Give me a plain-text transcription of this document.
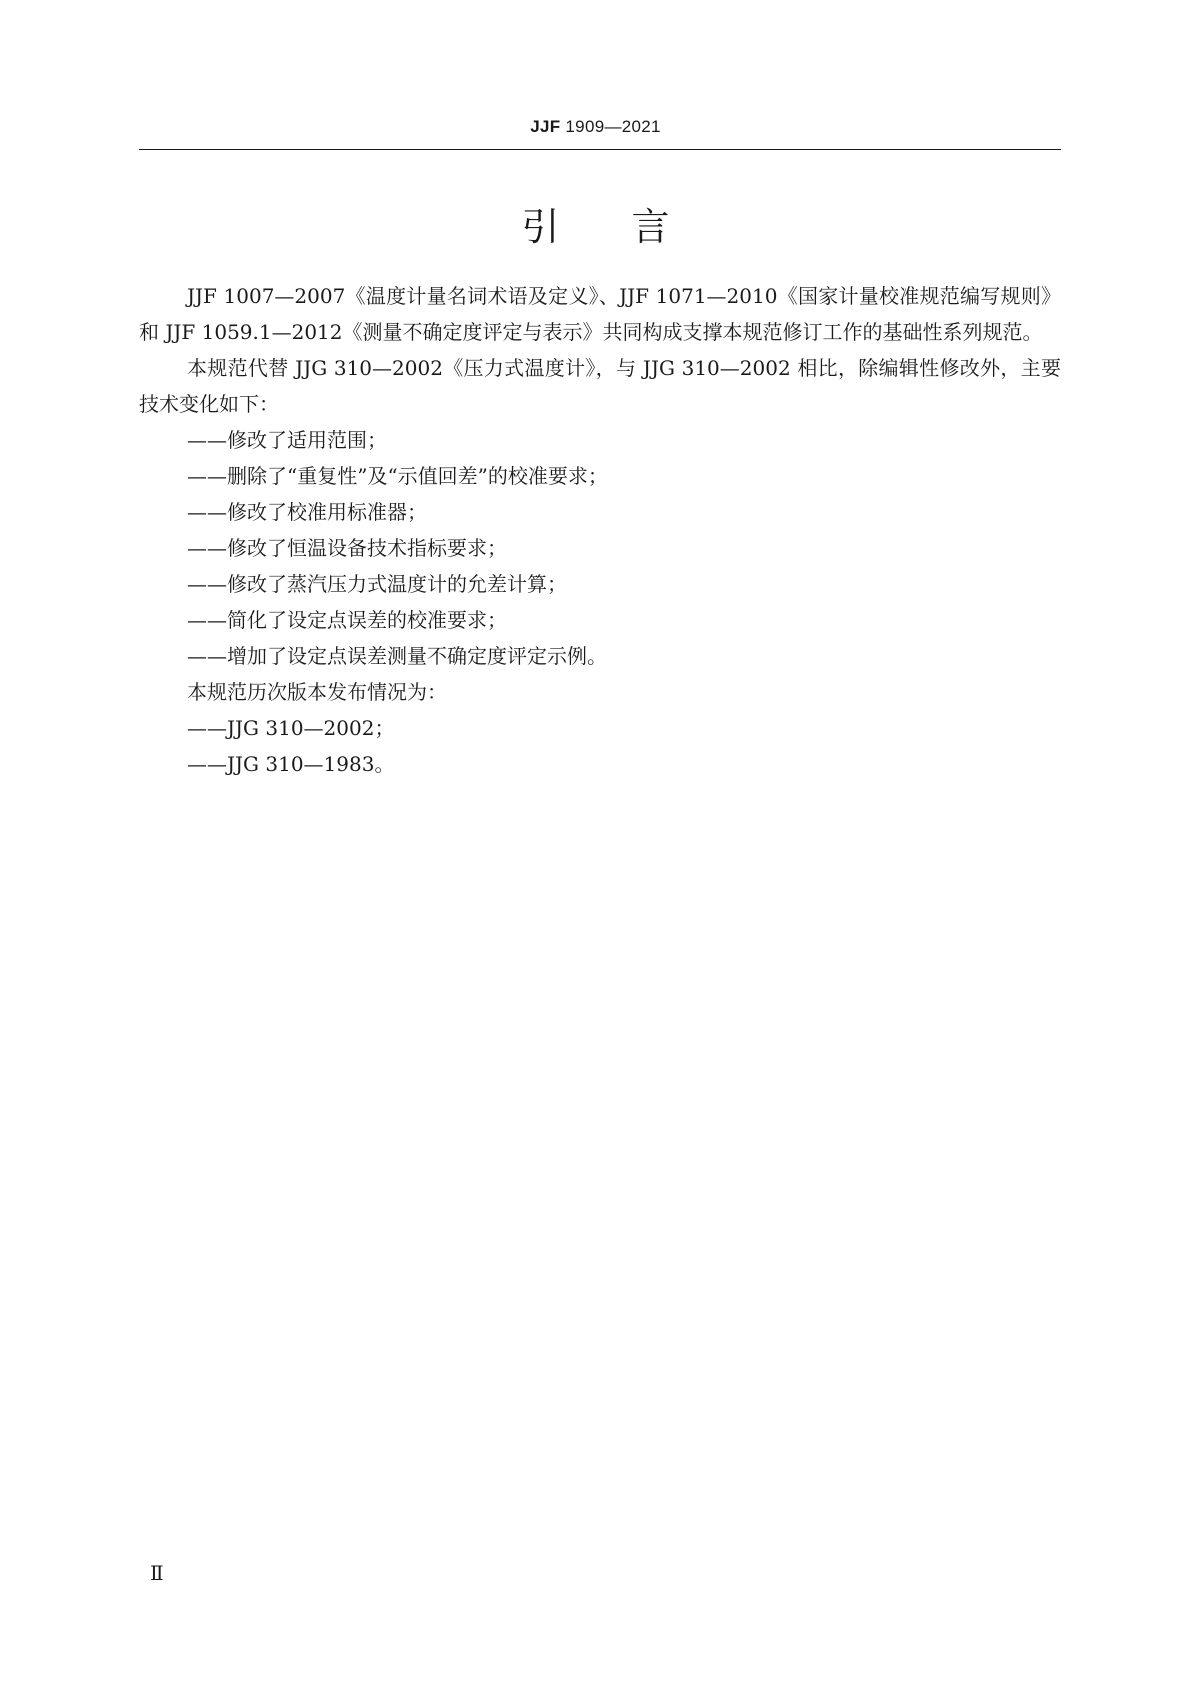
JJF 1909—2021
引言

JJF 1007—2007《温度计量名词术语及定义》、JJF 1071—2010《国家计量校准规范编写规则》和 JJF 1059.1—2012《测量不确定度评定与表示》共同构成支撑本规范修订工作的基础性系列规范。

本规范代替 JJG 310—2002《压力式温度计》，与 JJG 310—2002 相比，除编辑性修改外，主要技术变化如下：

——修改了适用范围；
——删除了“重复性”及“示值回差”的校准要求；
——修改了校准用标准器；
——修改了恒温设备技术指标要求；
——修改了蒸汽压力式温度计的允差计算；
——简化了设定点误差的校准要求；
——增加了设定点误差测量不确定度评定示例。

本规范历次版本发布情况为：

——JJG 310—2002；
——JJG 310—1983。
Ⅱ
